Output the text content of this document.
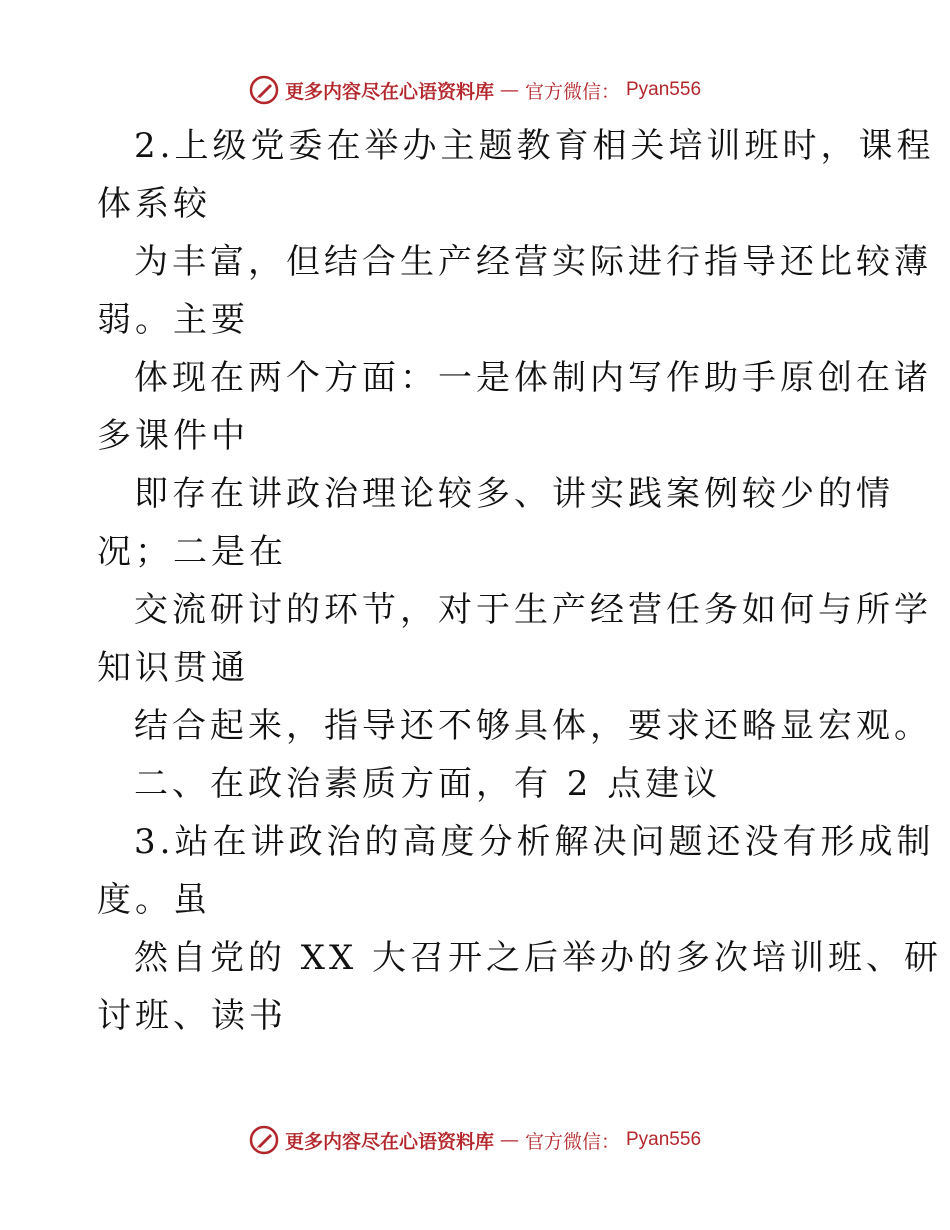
更多内容尽在心语资料库 — 官方微信： Pyan556
2.上级党委在举办主题教育相关培训班时，课程
体系较
为丰富，但结合生产经营实际进行指导还比较薄
弱。主要
体现在两个方面：一是体制内写作助手原创在诸
多课件中
即存在讲政治理论较多、讲实践案例较少的情
况；二是在
交流研讨的环节，对于生产经营任务如何与所学
知识贯通
结合起来，指导还不够具体，要求还略显宏观。
二、在政治素质方面，有 2 点建议
3.站在讲政治的高度分析解决问题还没有形成制
度。虽
然自党的 XX 大召开之后举办的多次培训班、研
讨班、读书
更多内容尽在心语资料库 — 官方微信： Pyan556
